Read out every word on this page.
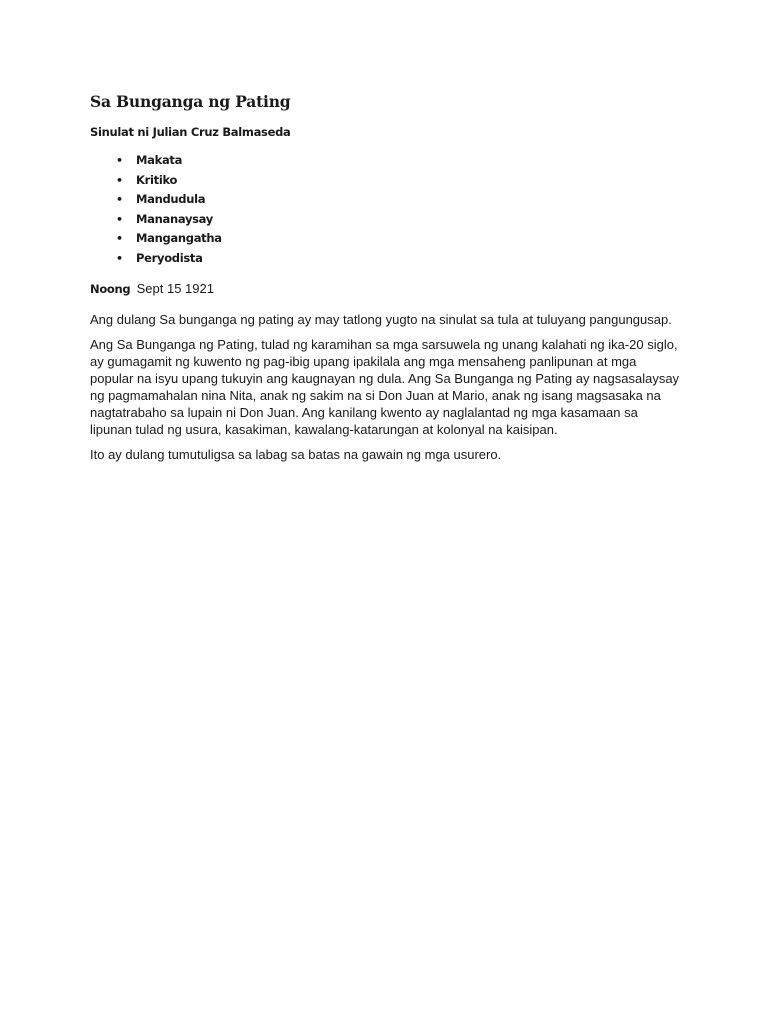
Sa Bunganga ng Pating
Sinulat ni Julian Cruz Balmaseda
• Makata
• Kritiko
• Mandudula
• Mananaysay
• Mangangatha
• Peryodista
Noong Sept 15 1921

Ang dulang Sa bunganga ng pating ay may tatlong yugto na sinulat sa tula at tuluyang pangungusap.

Ang Sa Bunganga ng Pating, tulad ng karamihan sa mga sarsuwela ng unang kalahati ng ika-20 siglo, ay gumagamit ng kuwento ng pag-ibig upang ipakilala ang mga mensaheng panlipunan at mga popular na isyu upang tukuyin ang kaugnayan ng dula. Ang Sa Bunganga ng Pating ay nagsasalaysay ng pagmamahalan nina Nita, anak ng sakim na si Don Juan at Mario, anak ng isang magsasaka na nagtatrabaho sa lupain ni Don Juan. Ang kanilang kwento ay naglalantad ng mga kasamaan sa lipunan tulad ng usura, kasakiman, kawalang-katarungan at kolonyal na kaisipan.

Ito ay dulang tumutuligsa sa labag sa batas na gawain ng mga usurero.
